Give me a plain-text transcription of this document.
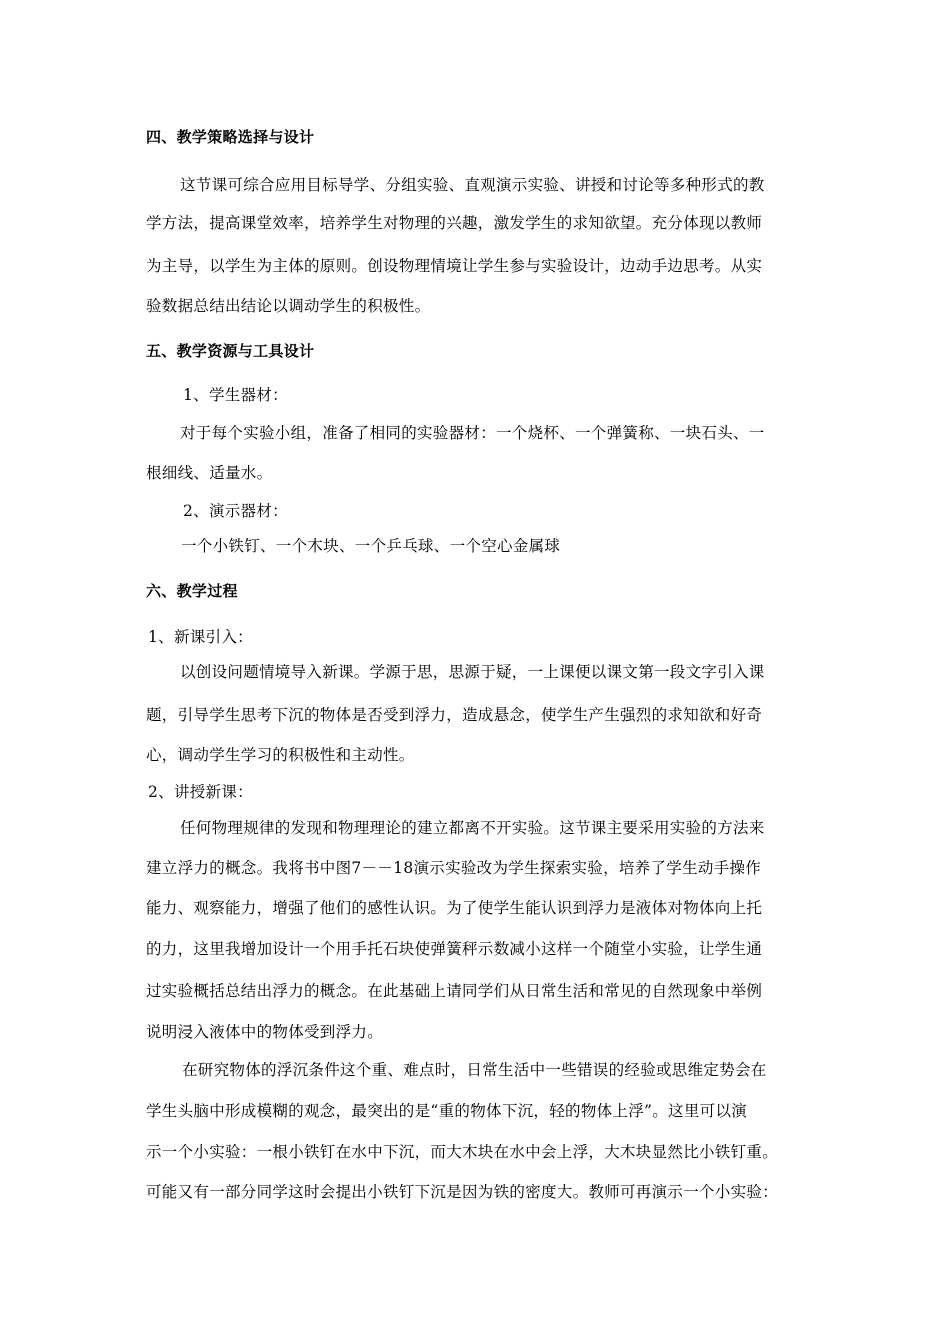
四、教学策略选择与设计
这节课可综合应用目标导学、分组实验、直观演示实验、讲授和讨论等多种形式的教
学方法，提高课堂效率，培养学生对物理的兴趣，激发学生的求知欲望。充分体现以教师
为主导，以学生为主体的原则。创设物理情境让学生参与实验设计，边动手边思考。从实
验数据总结出结论以调动学生的积极性。
五、教学资源与工具设计
1、学生器材：
对于每个实验小组，准备了相同的实验器材：一个烧杯、一个弹簧称、一块石头、一
根细线、适量水。
2、演示器材：
一个小铁钉、一个木块、一个乒乓球、一个空心金属球
六、教学过程
1、新课引入：
以创设问题情境导入新课。学源于思，思源于疑，一上课便以课文第一段文字引入课
题，引导学生思考下沉的物体是否受到浮力，造成悬念，使学生产生强烈的求知欲和好奇
心，调动学生学习的积极性和主动性。
2、讲授新课：
任何物理规律的发现和物理理论的建立都离不开实验。这节课主要采用实验的方法来
建立浮力的概念。我将书中图7－－18演示实验改为学生探索实验，培养了学生动手操作
能力、观察能力，增强了他们的感性认识。为了使学生能认识到浮力是液体对物体向上托
的力，这里我增加设计一个用手托石块使弹簧秤示数减小这样一个随堂小实验，让学生通
过实验概括总结出浮力的概念。在此基础上请同学们从日常生活和常见的自然现象中举例
说明浸入液体中的物体受到浮力。
在研究物体的浮沉条件这个重、难点时，日常生活中一些错误的经验或思维定势会在
学生头脑中形成模糊的观念，最突出的是“重的物体下沉，轻的物体上浮”。这里可以演
示一个小实验：一根小铁钉在水中下沉，而大木块在水中会上浮，大木块显然比小铁钉重。
可能又有一部分同学这时会提出小铁钉下沉是因为铁的密度大。教师可再演示一个小实验：
